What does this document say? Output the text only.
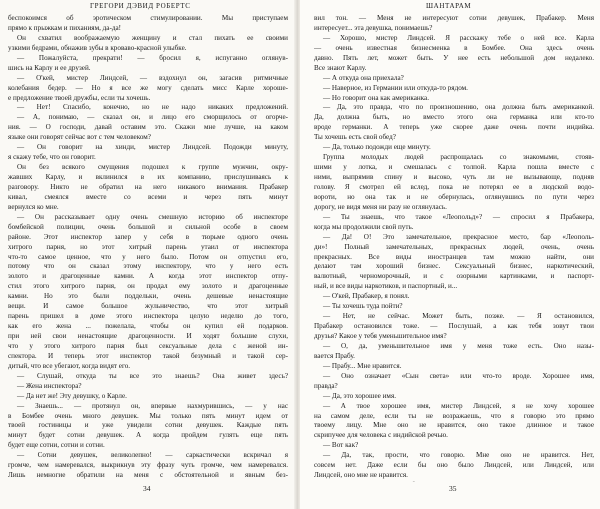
ГРЕГОРИ ДЭВИД РОБЕРТС
беспокоимся об эротическом стимулировании. Мы приступаем
прямо к прыжкам и пиханиям, да-да!
Он схватил воображаемую женщину и стал пихать ее своими
узкими бедрами, обнажив зубы в кроваво-красной улыбке.
— Пожалуйста, прекрати! — бросил я, испуганно оглянув-
шись на Карлу и ее друзей.
— О'кей, мистер Линдсей, — вздохнул он, загасив ритмичные
колебания бедер. — Но я все же могу сделать мисс Карле хороше-
е предложение твоей дружбы, если ты хочешь.
— Нет! Спасибо, конечно, но не надо никаких предложений.
— А, понимаю, — сказал он, и лицо его сморщилось от огорче-
ния. — О господи, давай оставим это. Скажи мне лучше, на каком
языке они говорят сейчас вот с тем человеком?
— Он говорит на хинди, мистер Линдсей. Подожди минуту,
я скажу тебе, что он говорит.
Он без всякого смущения подошел к группе мужчин, окру-
жавших Карлу, и вклинился в их компанию, прислушиваясь к
разговору. Никто не обратил на него никакого внимания. Прабакер
кивал, смеялся вместе со всеми и через пять минут
вернулся ко мне.
— Он рассказывает одну очень смешную историю об инспекторе
бомбейской полиции, очень большой и сильной особе в своем
районе. Этот инспектор запер у себя в тюрьме одного очень
хитрого парня, но этот хитрый парень утаил от инспектора
что-то самое ценное, что у него было. Потом он отпустил его,
потому что он сказал этому инспектору, что у него есть
золото и драгоценные камни. А когда этот инспектор отпу-
стил этого хитрого парня, он продал ему золото и драгоценные
камни. Но это были поддельки, очень дешевые ненастоящие
вещи. И самое большое жульничество, что этот хитрый
парень пришел в доме этого инспектора целую неделю до того,
как его жена ... пожелала, чтобы он купил ей подарков.
при ней свои ненастоящие драгоценности. И ходят большие слухи,
что у этого хитрого парня был сексуальные дела с женой ин-
спектора. И теперь этот инспектор такой безумный и такой сер-
дитый, что все убегают, когда видят его.
— Слушай, откуда ты все это знаешь? Она живет здесь?
— Жена инспектора?
— Да нет же! Эту девушку, о Карле.
— Знаешь... — протянул он, впервые нахмурившись, — у нас
в Бомбее очень много девушек. Мы только пять минут идем от
твоей гостиницы и уже увидели сотни девушек. Каждые пять
минут будет сотни девушек. А когда пройдем гулять еще пять
будет еще сотни, сотни и сотни.
— Сотни девушек, великолепно! — саркастически вскричал я
громче, чем намеревался, выкрикнув эту фразу чуть громче, чем намеревался.
Лишь немногие обратили на меня с обстоятельной и явным без-
34
ШАНТАРАМ
вил тон. — Меня не интересуют сотни девушек, Прабакер. Меня
интересует... эта девушка, понимаешь?
— Хорошо, мистер Линдсей. Я расскажу тебе о ней все. Карла
— очень известная бизнесменка в Бомбее. Она здесь очень
давно. Пять лет, может быть. У нее есть небольшой дом недалеко.
Все знают Карлу.
— А откуда она приехала?
— Наверное, из Германии или откуда-то рядом.
— Но говорит она как американка.
— Да, это правда, что по произношению, она должна быть американкой.
Да, должна быть, но вместо этого она германка или кто-то
вроде германки. А теперь уже скорее даже очень почти индийка.
Ты хочешь есть свой обед?
— Да, только подожди еще минуту.
Группа молодых людей распрощалась со знакомыми, стояв-
шими у лотка, и смешалась с толпой. Карла пошла вместе с
ними, выпрямив спину и высоко, чуть ли не вызывающе, подняв
голову. Я смотрел ей вслед, пока не потерял ее в людской водо-
вороти, но она так и не обернулась, оглянувшись по пути через
дорогу, не видя меня ни разу не оглянулась.
— Ты знаешь, что такое «Леопольд»? — спросил я Прабакера,
когда мы продолжили свой путь.
— Да! О! Это замечательное, прекрасное место, бар «Леополь-
ди»! Полный замечательных, прекрасных людей, очень, очень
прекрасных. Все виды иностранцев там можно найти, они
делают там хороший бизнес. Сексуальный бизнес, наркотический,
валютный, черноморочный, и с озорными картинками, и паспорт-
ный, и все виды наркотиков, и паспортный, и...
— О'кей, Прабакер, я понял.
— Ты хочешь туда пойти?
— Нет, не сейчас. Может быть, позже. — Я остановился,
Прабакер остановился тоже. — Послушай, а как тебя зовут твои
друзья? Какое у тебя уменьшительное имя?
— О, да, уменьшительное имя у меня тоже есть. Оно назы-
вается Прабу.
— Прабу... Мне нравится.
— Оно означает «Сын света» или что-то вроде. Хорошее имя,
правда?
— Да, это хорошее имя.
— А твое хорошее имя, мистер Линдсей, я не хочу хорошее
на самом деле, если ты не возражаешь, что я говорю это прямо
твоему лицу. Мне оно не нравится, оно такое длинное и такое
скрипучее для человека с индийской речью.
— Вот как?
— Да, так, прости, что говорю. Мне оно не нравится. Нет,
совсем нет. Даже если бы оно было Линдсей, или Линдсей, или
Линдсей, оно мне не нравится.
35
